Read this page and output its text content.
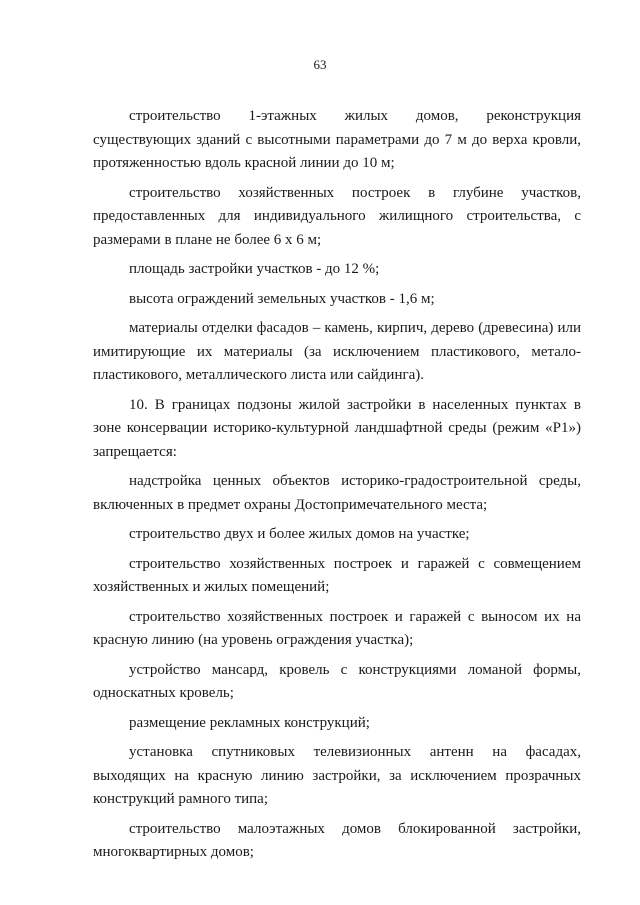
63

строительство 1-этажных жилых домов, реконструкция существующих зданий с высотными параметрами до 7 м до верха кровли, протяженностью вдоль красной линии до 10 м;

строительство хозяйственных построек в глубине участков, предоставленных для индивидуального жилищного строительства, с размерами в плане не более 6 х 6 м;

площадь застройки участков - до 12 %;

высота ограждений земельных участков - 1,6 м;

материалы отделки фасадов – камень, кирпич, дерево (древесина) или имитирующие их материалы (за исключением пластикового, метало-пластикового, металлического листа или сайдинга).

10. В границах подзоны жилой застройки в населенных пунктах в зоне консервации историко-культурной ландшафтной среды (режим «Р1») запрещается:

надстройка ценных объектов историко-градостроительной среды, включенных в предмет охраны Достопримечательного места;

строительство двух и более жилых домов на участке;

строительство хозяйственных построек и гаражей с совмещением хозяйственных и жилых помещений;

строительство хозяйственных построек и гаражей с выносом их на красную линию (на уровень ограждения участка);

устройство мансард, кровель с конструкциями ломаной формы, односкатных кровель;

размещение рекламных конструкций;

установка спутниковых телевизионных антенн на фасадах, выходящих на красную линию застройки, за исключением прозрачных конструкций рамного типа;

строительство малоэтажных домов блокированной застройки, многоквартирных домов;
